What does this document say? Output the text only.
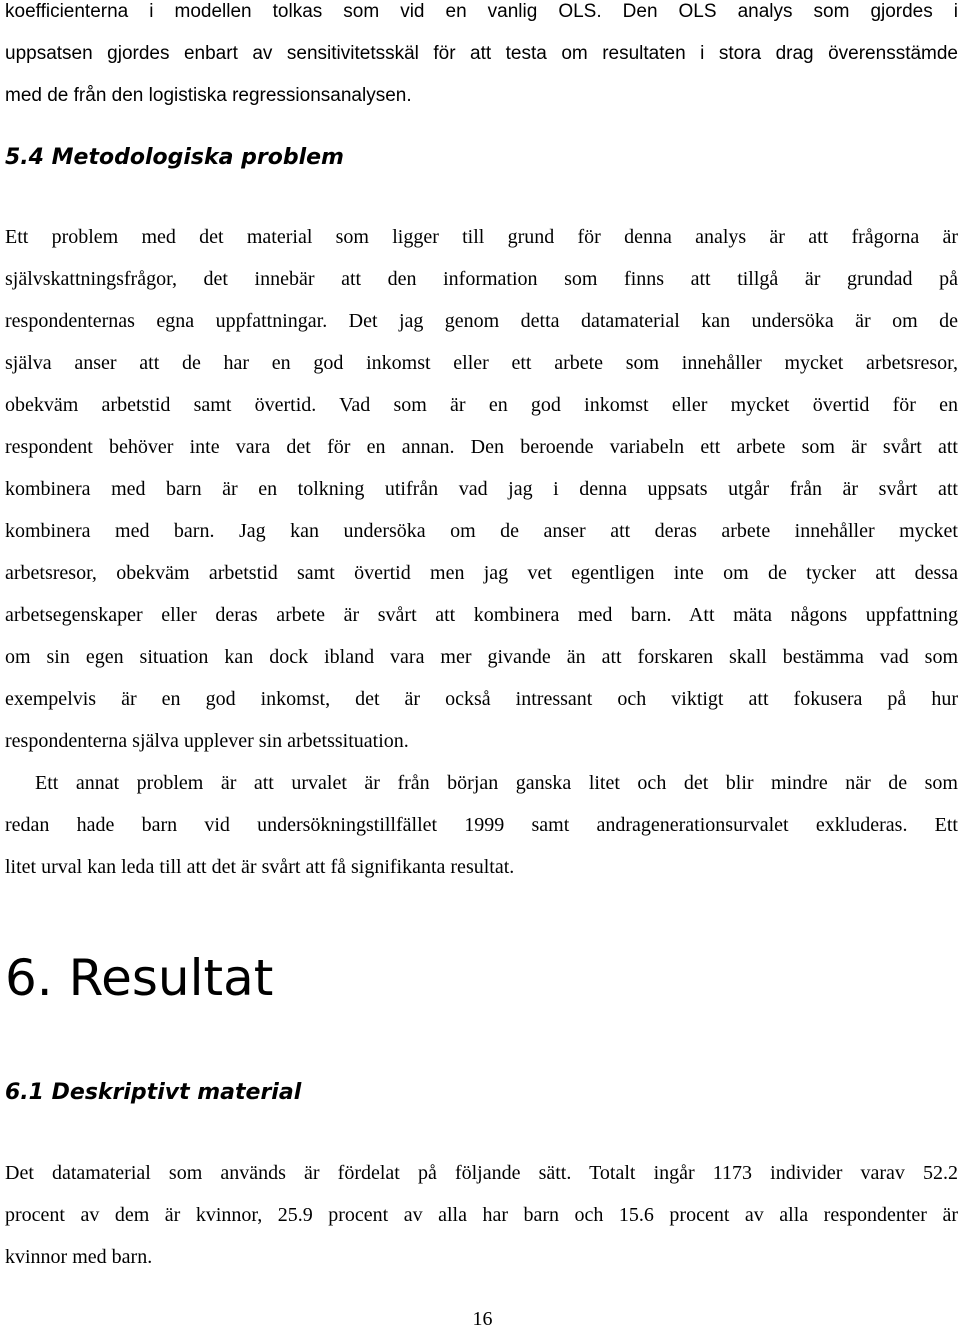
koefficienterna i modellen tolkas som vid en vanlig OLS. Den OLS analys som gjordes i
uppsatsen gjordes enbart av sensitivitetsskäl för att testa om resultaten i stora drag överensstämde
med de från den logistiska regressionsanalysen.
5.4 Metodologiska problem
Ett problem med det material som ligger till grund för denna analys är att frågorna är
självskattningsfrågor, det innebär att den information som finns att tillgå är grundad på
respondenternas egna uppfattningar. Det jag genom detta datamaterial kan undersöka är om de
själva anser att de har en god inkomst eller ett arbete som innehåller mycket arbetsresor,
obekväm arbetstid samt övertid. Vad som är en god inkomst eller mycket övertid för en
respondent behöver inte vara det för en annan. Den beroende variabeln ett arbete som är svårt att
kombinera med barn är en tolkning utifrån vad jag i denna uppsats utgår från är svårt att
kombinera med barn. Jag kan undersöka om de anser att deras arbete innehåller mycket
arbetsresor, obekväm arbetstid samt övertid men jag vet egentligen inte om de tycker att dessa
arbetsegenskaper eller deras arbete är svårt att kombinera med barn. Att mäta någons uppfattning
om sin egen situation kan dock ibland vara mer givande än att forskaren skall bestämma vad som
exempelvis är en god inkomst, det är också intressant och viktigt att fokusera på hur
respondenterna själva upplever sin arbetssituation.
Ett annat problem är att urvalet är från början ganska litet och det blir mindre när de som
redan hade barn vid undersökningstillfället 1999 samt andragenerationsurvalet exkluderas. Ett
litet urval kan leda till att det är svårt att få signifikanta resultat.
6. Resultat
6.1 Deskriptivt material
Det datamaterial som används är fördelat på följande sätt. Totalt ingår 1173 individer varav 52.2
procent av dem är kvinnor, 25.9 procent av alla har barn och 15.6 procent av alla respondenter är
kvinnor med barn.
16
